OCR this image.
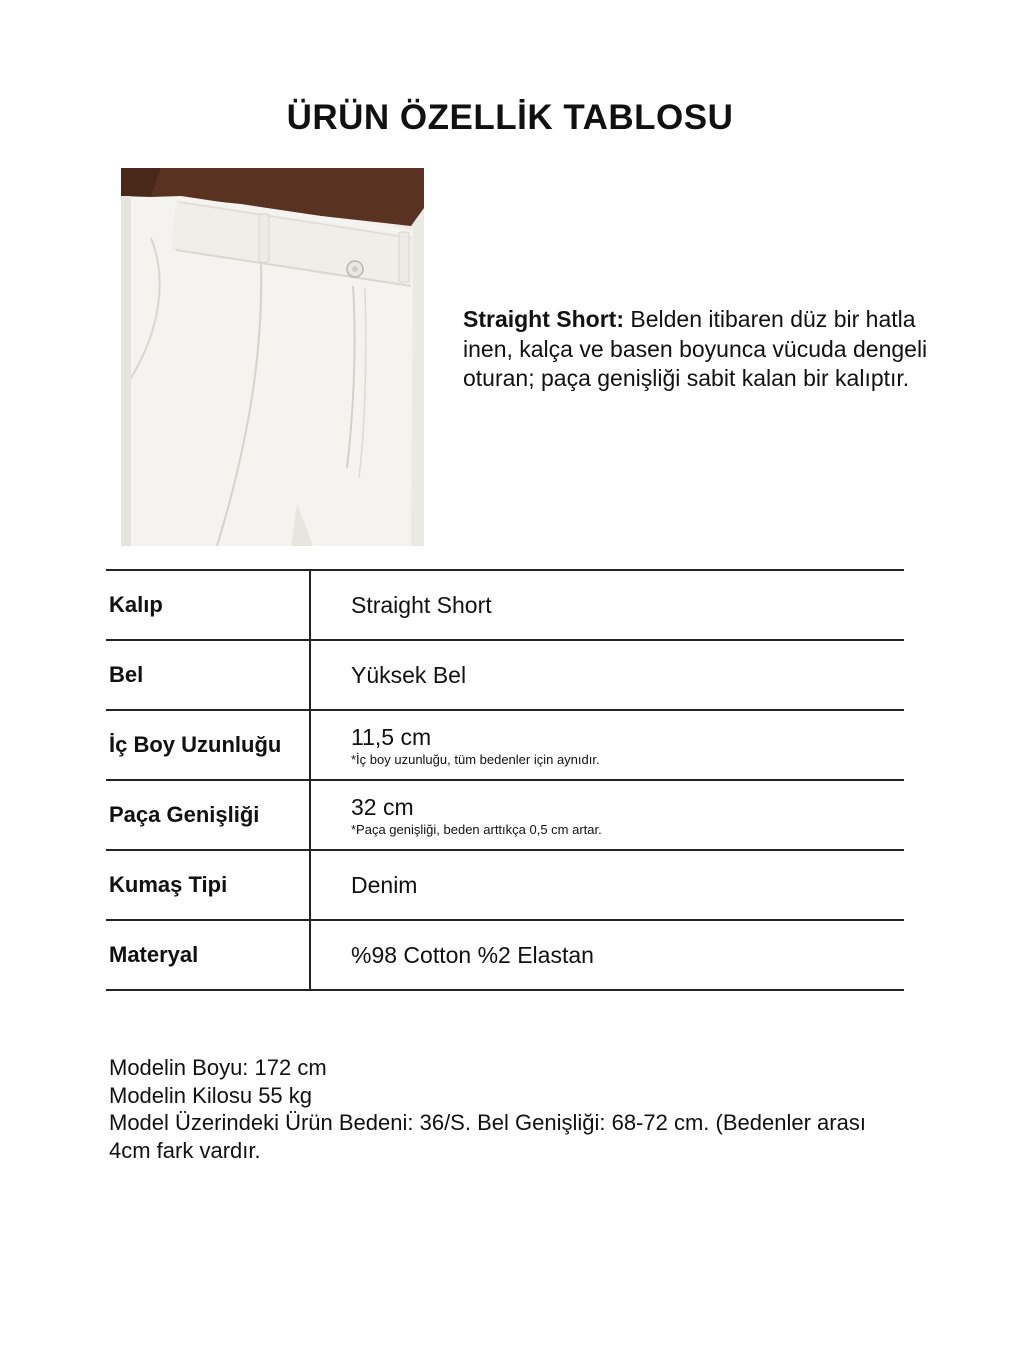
ÜRÜN ÖZELLİK TABLOSU
Straight Short: Belden itibaren düz bir hatla inen, kalça ve basen boyunca vücuda dengeli oturan; paça genişliği sabit kalan bir kalıptır.
Kalıp	Straight Short
Bel	Yüksek Bel
İç Boy Uzunluğu	11,5 cm
*İç boy uzunluğu, tüm bedenler için aynıdır.

Paça Genişliği	32 cm
*Paça genişliği, beden arttıkça 0,5 cm artar.

Kumaş Tipi	Denim
Materyal	%98 Cotton %2 Elastan
Modelin Boyu: 172 cm
Modelin Kilosu 55 kg
Model Üzerindeki Ürün Bedeni: 36/S. Bel Genişliği: 68-72 cm. (Bedenler arası 4cm fark vardır.
